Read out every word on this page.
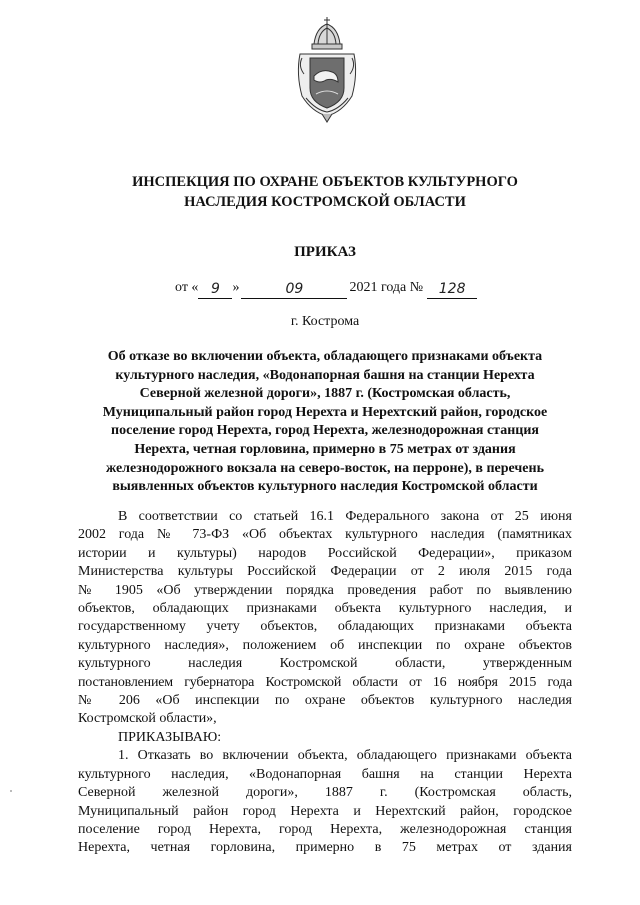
ИНСПЕКЦИЯ ПО ОХРАНЕ ОБЪЕКТОВ КУЛЬТУРНОГО
НАСЛЕДИЯ КОСТРОМСКОЙ ОБЛАСТИ
ПРИКАЗ
от « 9 »	09	2021 года № 128
г. Кострома
Об отказе во включении объекта, обладающего признаками объекта
культурного наследия, «Водонапорная башня на станции Нерехта
Северной железной дороги», 1887 г. (Костромская область,
Муниципальный район город Нерехта и Нерехтский район, городское
поселение город Нерехта, город Нерехта, железнодорожная станция
Нерехта, четная горловина, примерно в 75 метрах от здания
железнодорожного вокзала на северо-восток, на перроне), в перечень
выявленных объектов культурного наследия Костромской области
В соответствии со статьей 16.1 Федерального закона от 25 июня
2002 года № 73-ФЗ «Об объектах культурного наследия (памятниках
истории и культуры) народов Российской Федерации», приказом
Министерства культуры Российской Федерации от 2 июля 2015 года
№ 1905 «Об утверждении порядка проведения работ по выявлению
объектов, обладающих признаками объекта культурного наследия, и
государственному учету объектов, обладающих признаками объекта
культурного наследия», положением об инспекции по охране объектов
культурного наследия Костромской области, утвержденным
постановлением губернатора Костромской области от 16 ноября 2015 года
№ 206 «Об инспекции по охране объектов культурного наследия
Костромской области»,
ПРИКАЗЫВАЮ:
1. Отказать во включении объекта, обладающего признаками объекта
культурного наследия, «Водонапорная башня на станции Нерехта
Северной железной дороги», 1887 г. (Костромская область,
Муниципальный район город Нерехта и Нерехтский район, городское
поселение город Нерехта, город Нерехта, железнодорожная станция
Нерехта, четная горловина, примерно в 75 метрах от здания
